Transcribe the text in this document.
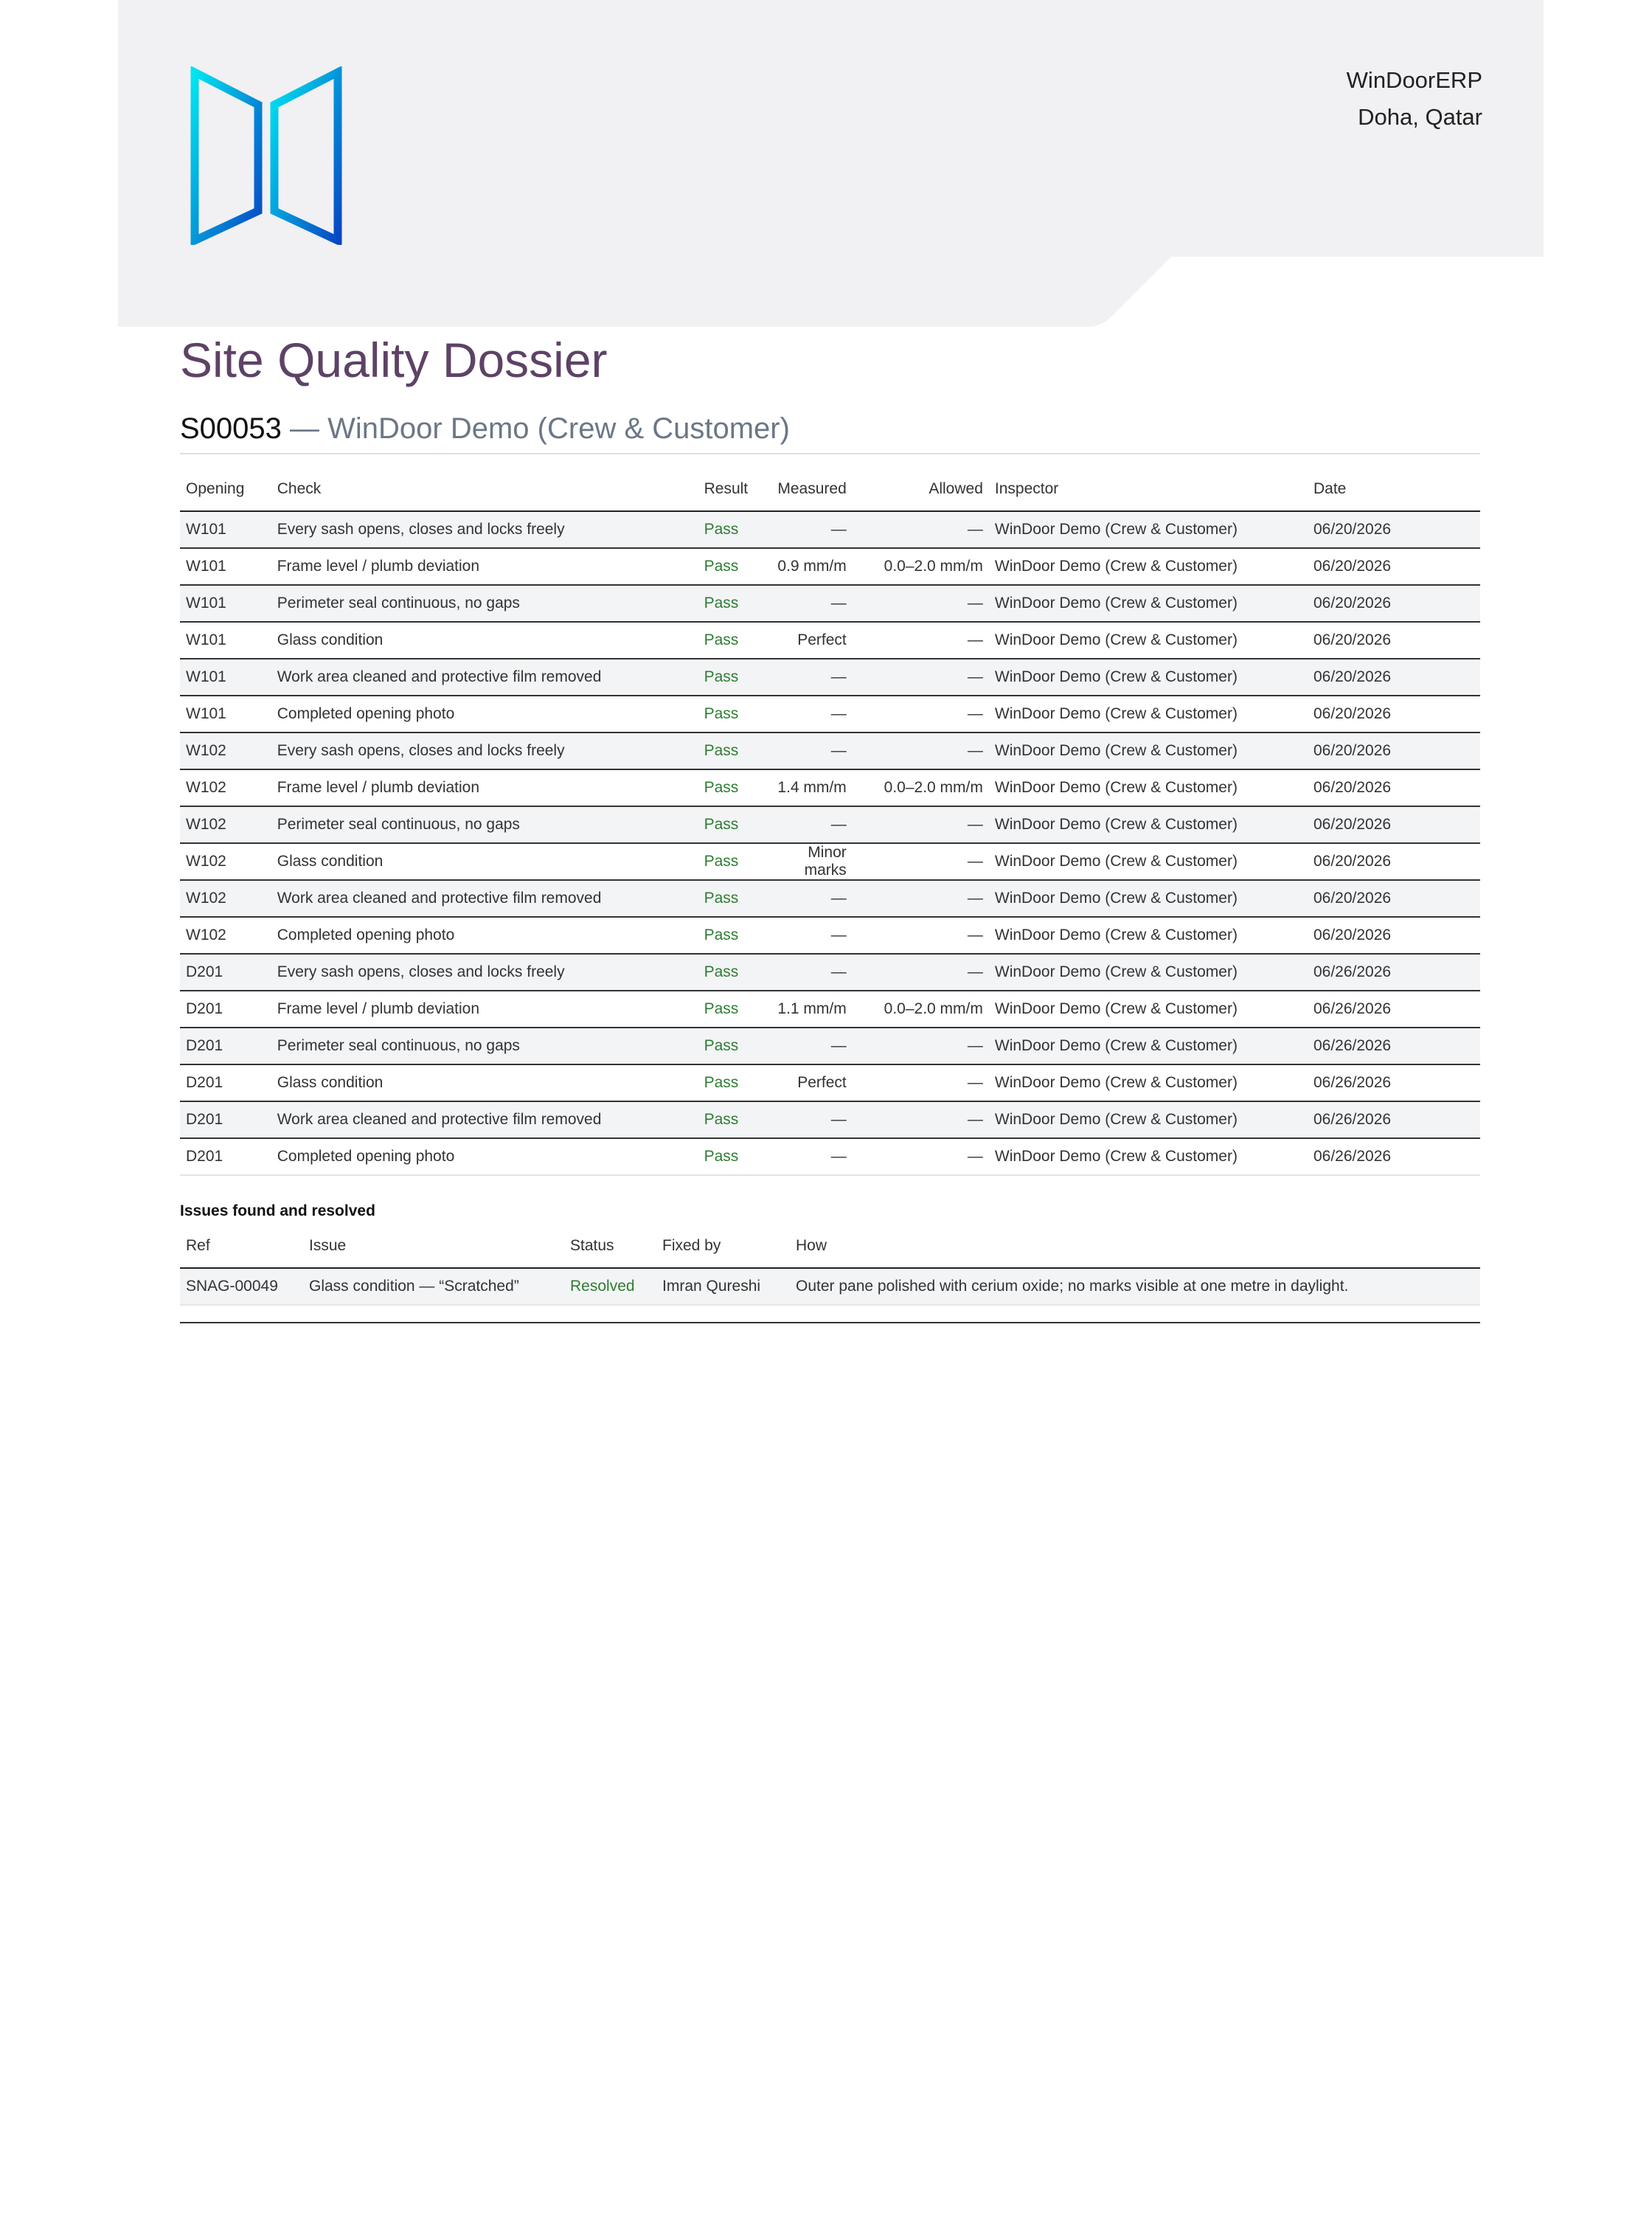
WinDoorERP
Doha, Qatar
Site Quality Dossier
S00053 — WinDoor Demo (Crew & Customer)
Opening	Check	Result	Measured	Allowed	Inspector	Date
W101	Every sash opens, closes and locks freely	Pass	—	—	WinDoor Demo (Crew & Customer)	06/20/2026
W101	Frame level / plumb deviation	Pass	0.9 mm/m	0.0–2.0 mm/m	WinDoor Demo (Crew & Customer)	06/20/2026
W101	Perimeter seal continuous, no gaps	Pass	—	—	WinDoor Demo (Crew & Customer)	06/20/2026
W101	Glass condition	Pass	Perfect	—	WinDoor Demo (Crew & Customer)	06/20/2026
W101	Work area cleaned and protective film removed	Pass	—	—	WinDoor Demo (Crew & Customer)	06/20/2026
W101	Completed opening photo	Pass	—	—	WinDoor Demo (Crew & Customer)	06/20/2026
W102	Every sash opens, closes and locks freely	Pass	—	—	WinDoor Demo (Crew & Customer)	06/20/2026
W102	Frame level / plumb deviation	Pass	1.4 mm/m	0.0–2.0 mm/m	WinDoor Demo (Crew & Customer)	06/20/2026
W102	Perimeter seal continuous, no gaps	Pass	—	—	WinDoor Demo (Crew & Customer)	06/20/2026
W102	Glass condition	Pass	Minor marks	—	WinDoor Demo (Crew & Customer)	06/20/2026
W102	Work area cleaned and protective film removed	Pass	—	—	WinDoor Demo (Crew & Customer)	06/20/2026
W102	Completed opening photo	Pass	—	—	WinDoor Demo (Crew & Customer)	06/20/2026
D201	Every sash opens, closes and locks freely	Pass	—	—	WinDoor Demo (Crew & Customer)	06/26/2026
D201	Frame level / plumb deviation	Pass	1.1 mm/m	0.0–2.0 mm/m	WinDoor Demo (Crew & Customer)	06/26/2026
D201	Perimeter seal continuous, no gaps	Pass	—	—	WinDoor Demo (Crew & Customer)	06/26/2026
D201	Glass condition	Pass	Perfect	—	WinDoor Demo (Crew & Customer)	06/26/2026
D201	Work area cleaned and protective film removed	Pass	—	—	WinDoor Demo (Crew & Customer)	06/26/2026
D201	Completed opening photo	Pass	—	—	WinDoor Demo (Crew & Customer)	06/26/2026
Issues found and resolved
Ref	Issue	Status	Fixed by	How
SNAG-00049	Glass condition — “Scratched”	Resolved	Imran Qureshi	Outer pane polished with cerium oxide; no marks visible at one metre in daylight.
